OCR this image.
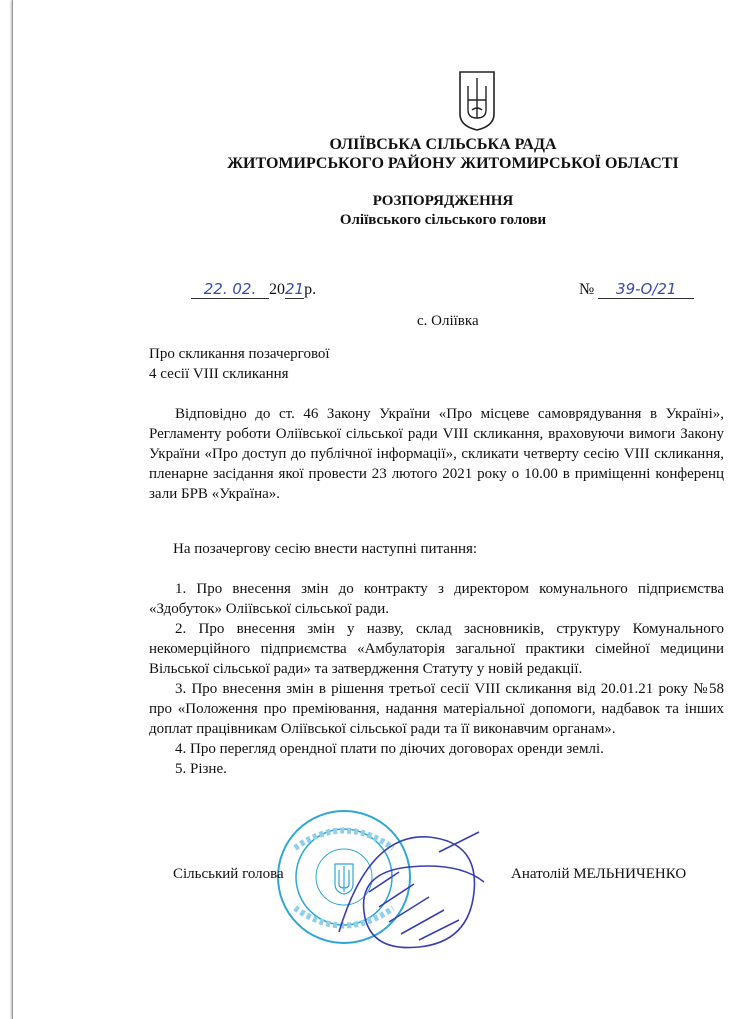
ОЛІЇВСЬКА СІЛЬСЬКА РАДА
ЖИТОМИРСЬКОГО РАЙОНУ ЖИТОМИРСЬКОЇ ОБЛАСТІ
РОЗПОРЯДЖЕННЯ
Оліївського сільського голови
22. 02. 2021р.	№ 39-О/21
с. Оліївка

Про скликання позачергової

4 сесії VIII скликання

Відповідно до ст. 46 Закону України «Про місцеве самоврядування в Україні», Регламенту роботи Оліївської сільської ради VIII скликання, враховуючи вимоги Закону України «Про доступ до публічної інформації», скликати четверту сесію VIII скликання, пленарне засідання якої провести 23 лютого 2021 року о 10.00 в приміщенні конференц зали БРВ «Україна».

На позачергову сесію внести наступні питання:

1. Про внесення змін до контракту з директором комунального підприємства «Здобуток» Оліївської сільської ради.

2. Про внесення змін у назву, склад засновників, структуру Комунального некомерційного підприємства «Амбулаторія загальної практики сімейної медицини Вільської сільської ради» та затвердження Статуту у новій редакції.

3. Про внесення змін в рішення третьої сесії VIII скликання від 20.01.21 року №58 про «Положення про преміювання, надання матеріальної допомоги, надбавок та інших доплат працівникам Оліївської сільської ради та її виконавчим органам».

4. Про перегляд орендної плати по діючих договорах оренди землі.

5. Різне.

Сільський голова	Анатолій МЕЛЬНИЧЕНКО
